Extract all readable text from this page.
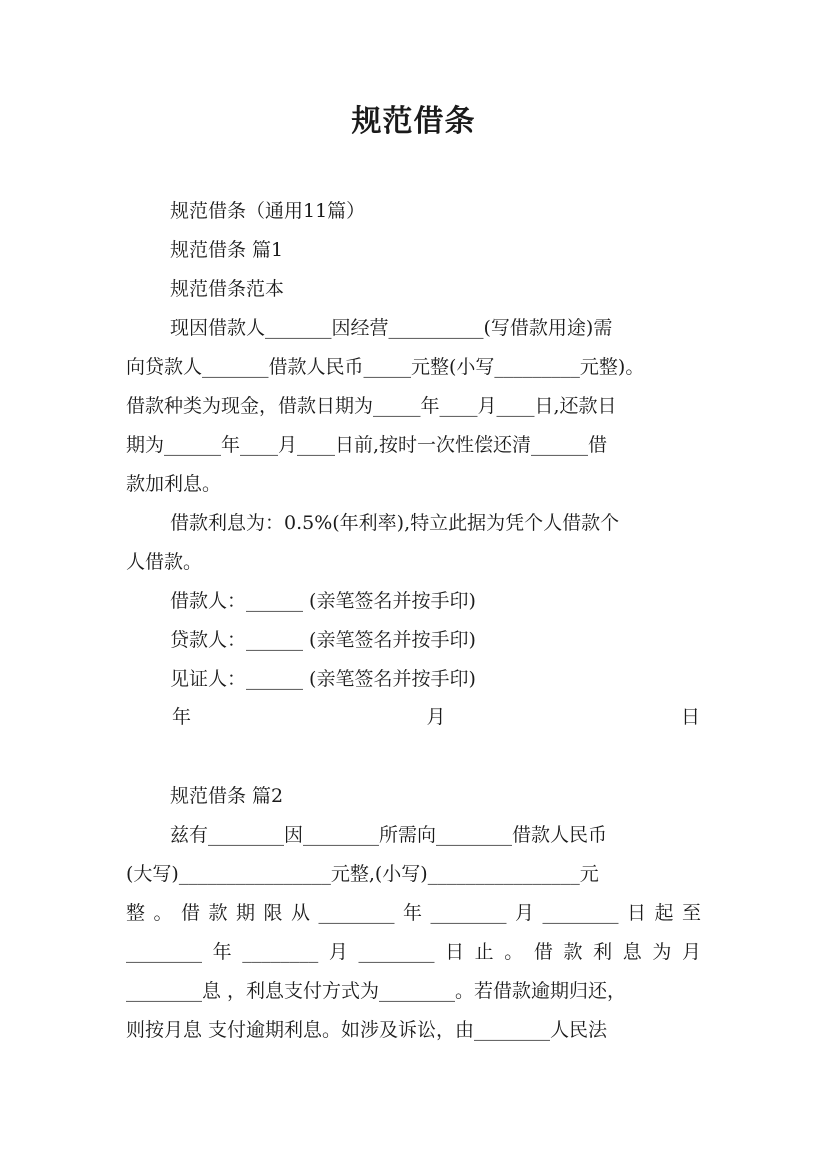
规范借条
规范借条（通用11篇）
规范借条 篇1
规范借条范本
现因借款人_______因经营__________(写借款用途)需
向贷款人_______借款人民币_____元整(小写_________元整)。
借款种类为现金，借款日期为_____年____月____日,还款日
期为______年____月____日前,按时一次性偿还清______借
款加利息。
借款利息为：0.5%(年利率),特立此据为凭个人借款个
人借款。
借款人：______ (亲笔签名并按手印)
贷款人：______ (亲笔签名并按手印)
见证人：______ (亲笔签名并按手印)
年	月	日
规范借条 篇2
兹有________因________所需向________借款人民币
(大写)________________元整,(小写)________________元
整。借款期限从________年________月________日起至
________年________月________日止。借款利息为月
________息 ，利息支付方式为________。若借款逾期归还，
则按月息 支付逾期利息。如涉及诉讼，由________人民法
